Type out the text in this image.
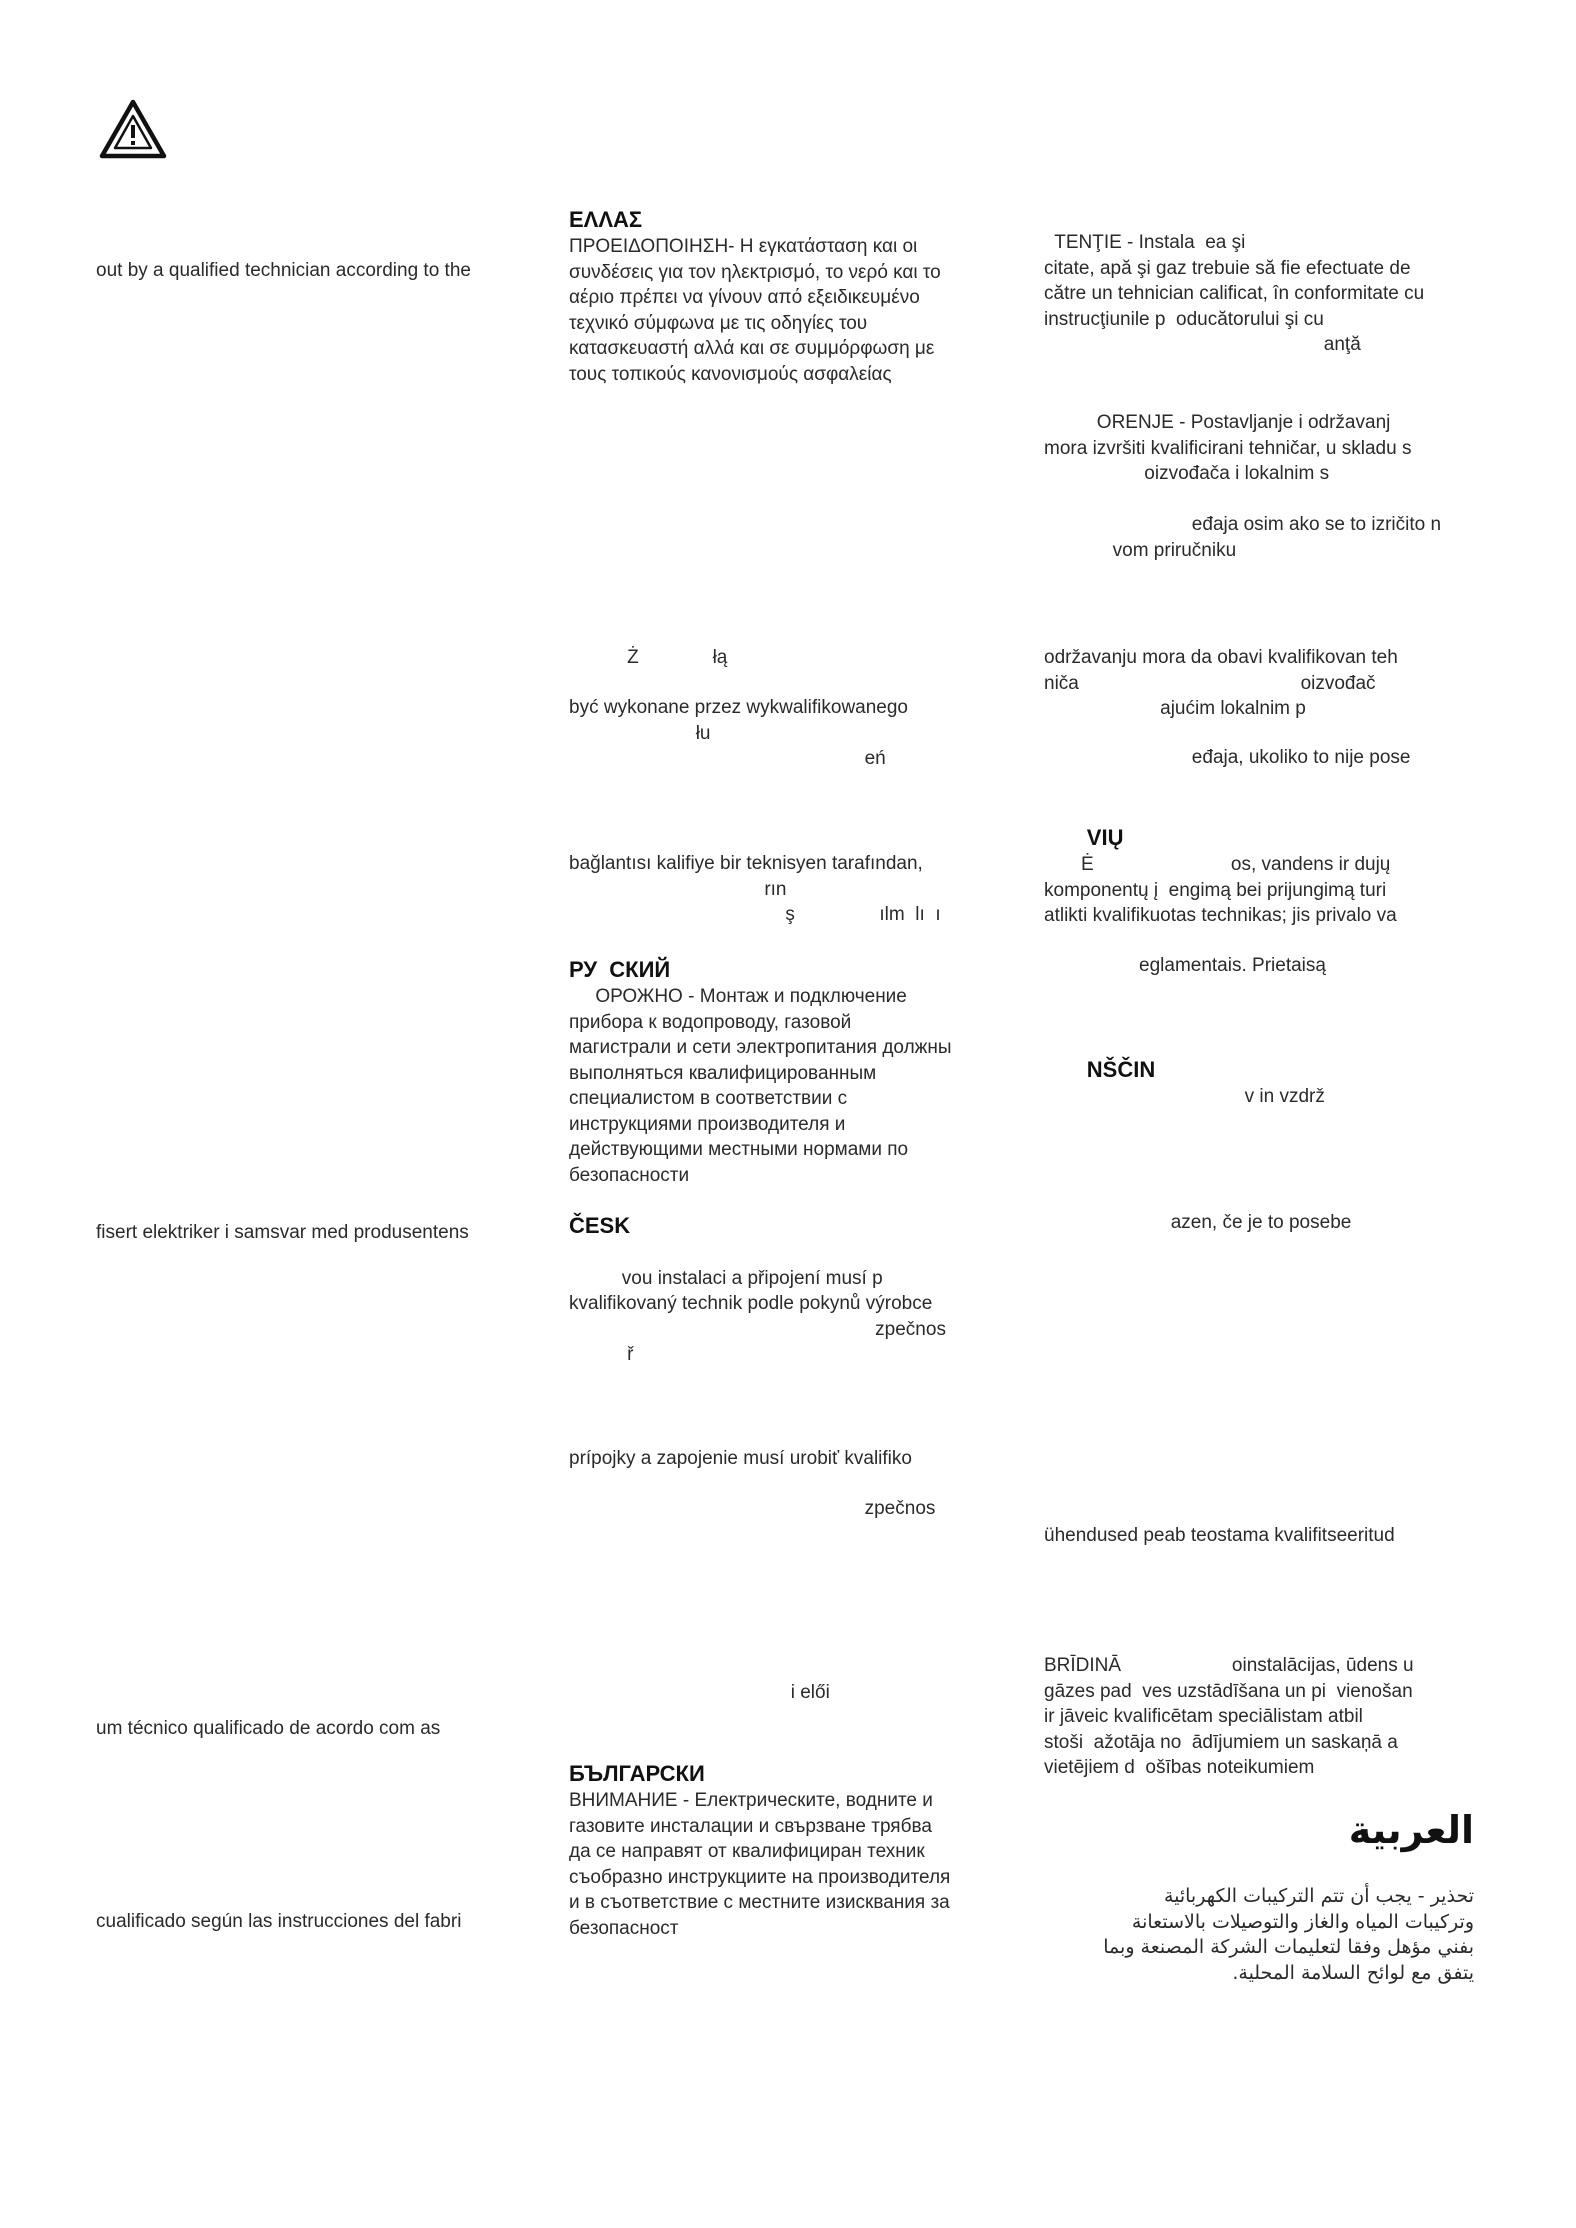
out by a qualified technician according to the
fisert elektriker i samsvar med produsentens
um técnico qualificado de acordo com as
cualificado según las instrucciones del fabri
ΕΛΛΑΣ
ΠΡΟΕΙΔΟΠΟΙΗΣΗ- Η εγκατάσταση και οι
συνδέσεις για τον ηλεκτρισμό, το νερό και το
αέριο πρέπει να γίνουν από εξειδικευμένο
τεχνικό σύμφωνα με τις οδηγίες του
κατασκευαστή αλλά και σε συμμόρφωση με
τους τοπικούς κανονισμούς ασφαλείας
Ż              łą
być wykonane przez wykwalifikowanego
łu
eń
bağlantısı kalifiye bir teknisyen tarafından,
rın
ş                ılm  lı  ı
РУ  СКИЙ
ОРОЖНО - Монтаж и подключение
прибора к водопроводу, газовой
магистрали и сети электропитания должны
выполняться квалифицированным
специалистом в соответствии с
инструкциями производителя и
действующими местными нормами по
безопасности
ČESK
vou instalaci a připojení musí p
kvalifikovaný technik podle pokynů výrobce
zpečnos
ř
prípojky a zapojenie musí urobiť kvalifiko
zpečnos
i elői
БЪЛГАРСКИ
ВНИМАНИЕ - Електрическите, водните и
газовите инсталации и свързване трябва
да се направят от квалифициран техник
съобразно инструкциите на производителя
и в съответствие с местните изисквания за
безопасност
TENŢIE - Instala  ea şi
citate, apă şi gaz trebuie să fie efectuate de
către un tehnician calificat, în conformitate cu
instrucţiunile p  oducătorului şi cu
anţă
ORENJE - Postavljanje i održavanj
mora izvršiti kvalificirani tehničar, u skladu s
oizvođača i lokalnim s
eđaja osim ako se to izričito n
vom priručniku
održavanju mora da obavi kvalifikovan teh
niča                                          oizvođač
ajućim lokalnim p
eđaja, ukoliko to nije pose
VIŲ
Ė                          os, vandens ir dujų
komponentų į  engimą bei prijungimą turi
atlikti kvalifikuotas technikas; jis privalo va
eglamentais. Prietaisą
NŠČIN
v in vzdrž
azen, če je to posebe
ühendused peab teostama kvalifitseeritud
BRĪDINĀ                     oinstalācijas, ūdens u
gāzes pad  ves uzstādīšana un pi  vienošan
ir jāveic kvalificētam speciālistam atbil
stoši  ažotāja no  ādījumiem un saskaņā a
vietējiem d  ošības noteikumiem
العربية
تحذير - يجب أن تتم التركيبات الكهربائية
وتركيبات المياه والغاز والتوصيلات بالاستعانة
بفني مؤهل وفقا لتعليمات الشركة المصنعة وبما
يتفق مع لوائح السلامة المحلية.
